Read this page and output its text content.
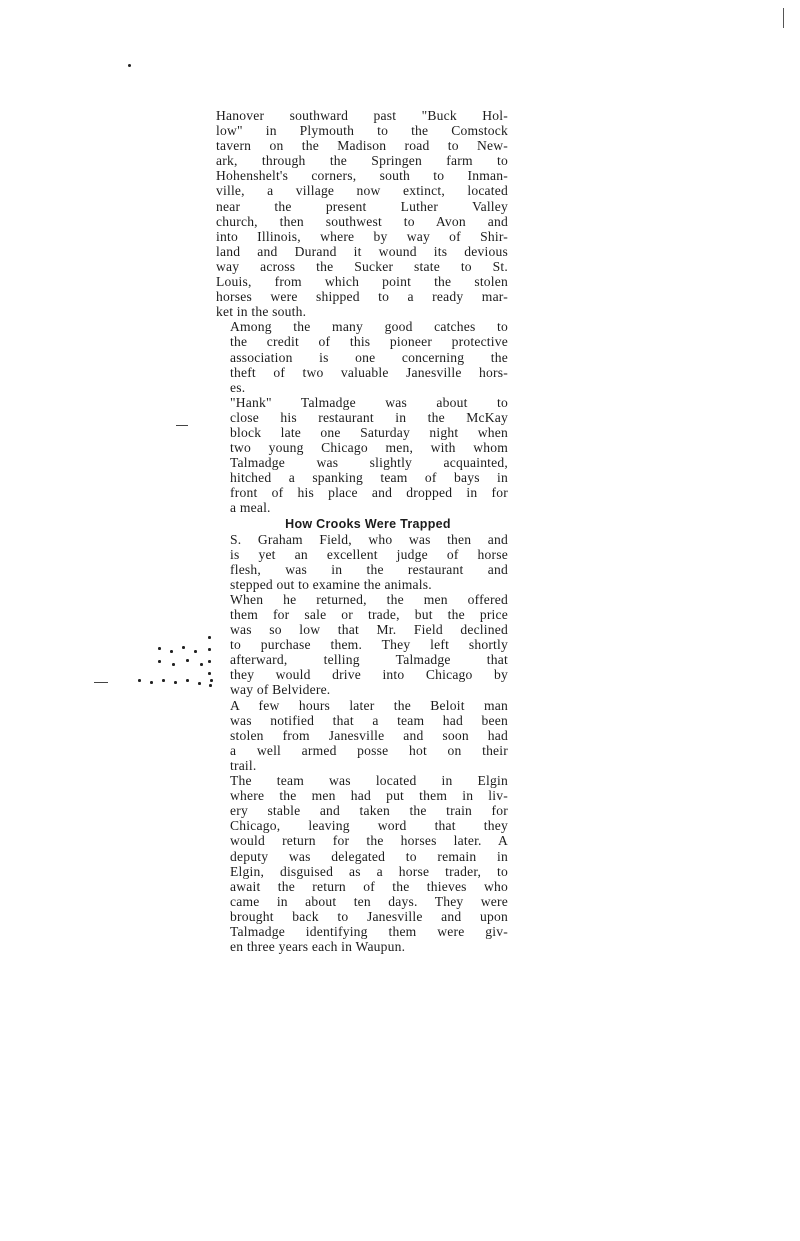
Hanover southward past "Buck Hol-
low" in Plymouth to the Comstock
tavern on the Madison road to New-
ark, through the Springen farm to
Hohenshelt's corners, south to Inman-
ville, a village now extinct, located
near the present Luther Valley
church, then southwest to Avon and
into Illinois, where by way of Shir-
land and Durand it wound its devious
way across the Sucker state to St.
Louis, from which point the stolen
horses were shipped to a ready mar-
ket in the south.
Among the many good catches to
the credit of this pioneer protective
association is one concerning the
theft of two valuable Janesville hors-
es.
"Hank" Talmadge was about to
close his restaurant in the McKay
block late one Saturday night when
two young Chicago men, with whom
Talmadge was slightly acquainted,
hitched a spanking team of bays in
front of his place and dropped in for
a meal.
How Crooks Were Trapped
S. Graham Field, who was then and
is yet an excellent judge of horse
flesh, was in the restaurant and
stepped out to examine the animals.
When he returned, the men offered
them for sale or trade, but the price
was so low that Mr. Field declined
to purchase them. They left shortly
afterward, telling Talmadge that
they would drive into Chicago by
way of Belvidere.
A few hours later the Beloit man
was notified that a team had been
stolen from Janesville and soon had
a well armed posse hot on their
trail.
The team was located in Elgin
where the men had put them in liv-
ery stable and taken the train for
Chicago, leaving word that they
would return for the horses later. A
deputy was delegated to remain in
Elgin, disguised as a horse trader, to
await the return of the thieves who
came in about ten days. They were
brought back to Janesville and upon
Talmadge identifying them were giv-
en three years each in Waupun.
